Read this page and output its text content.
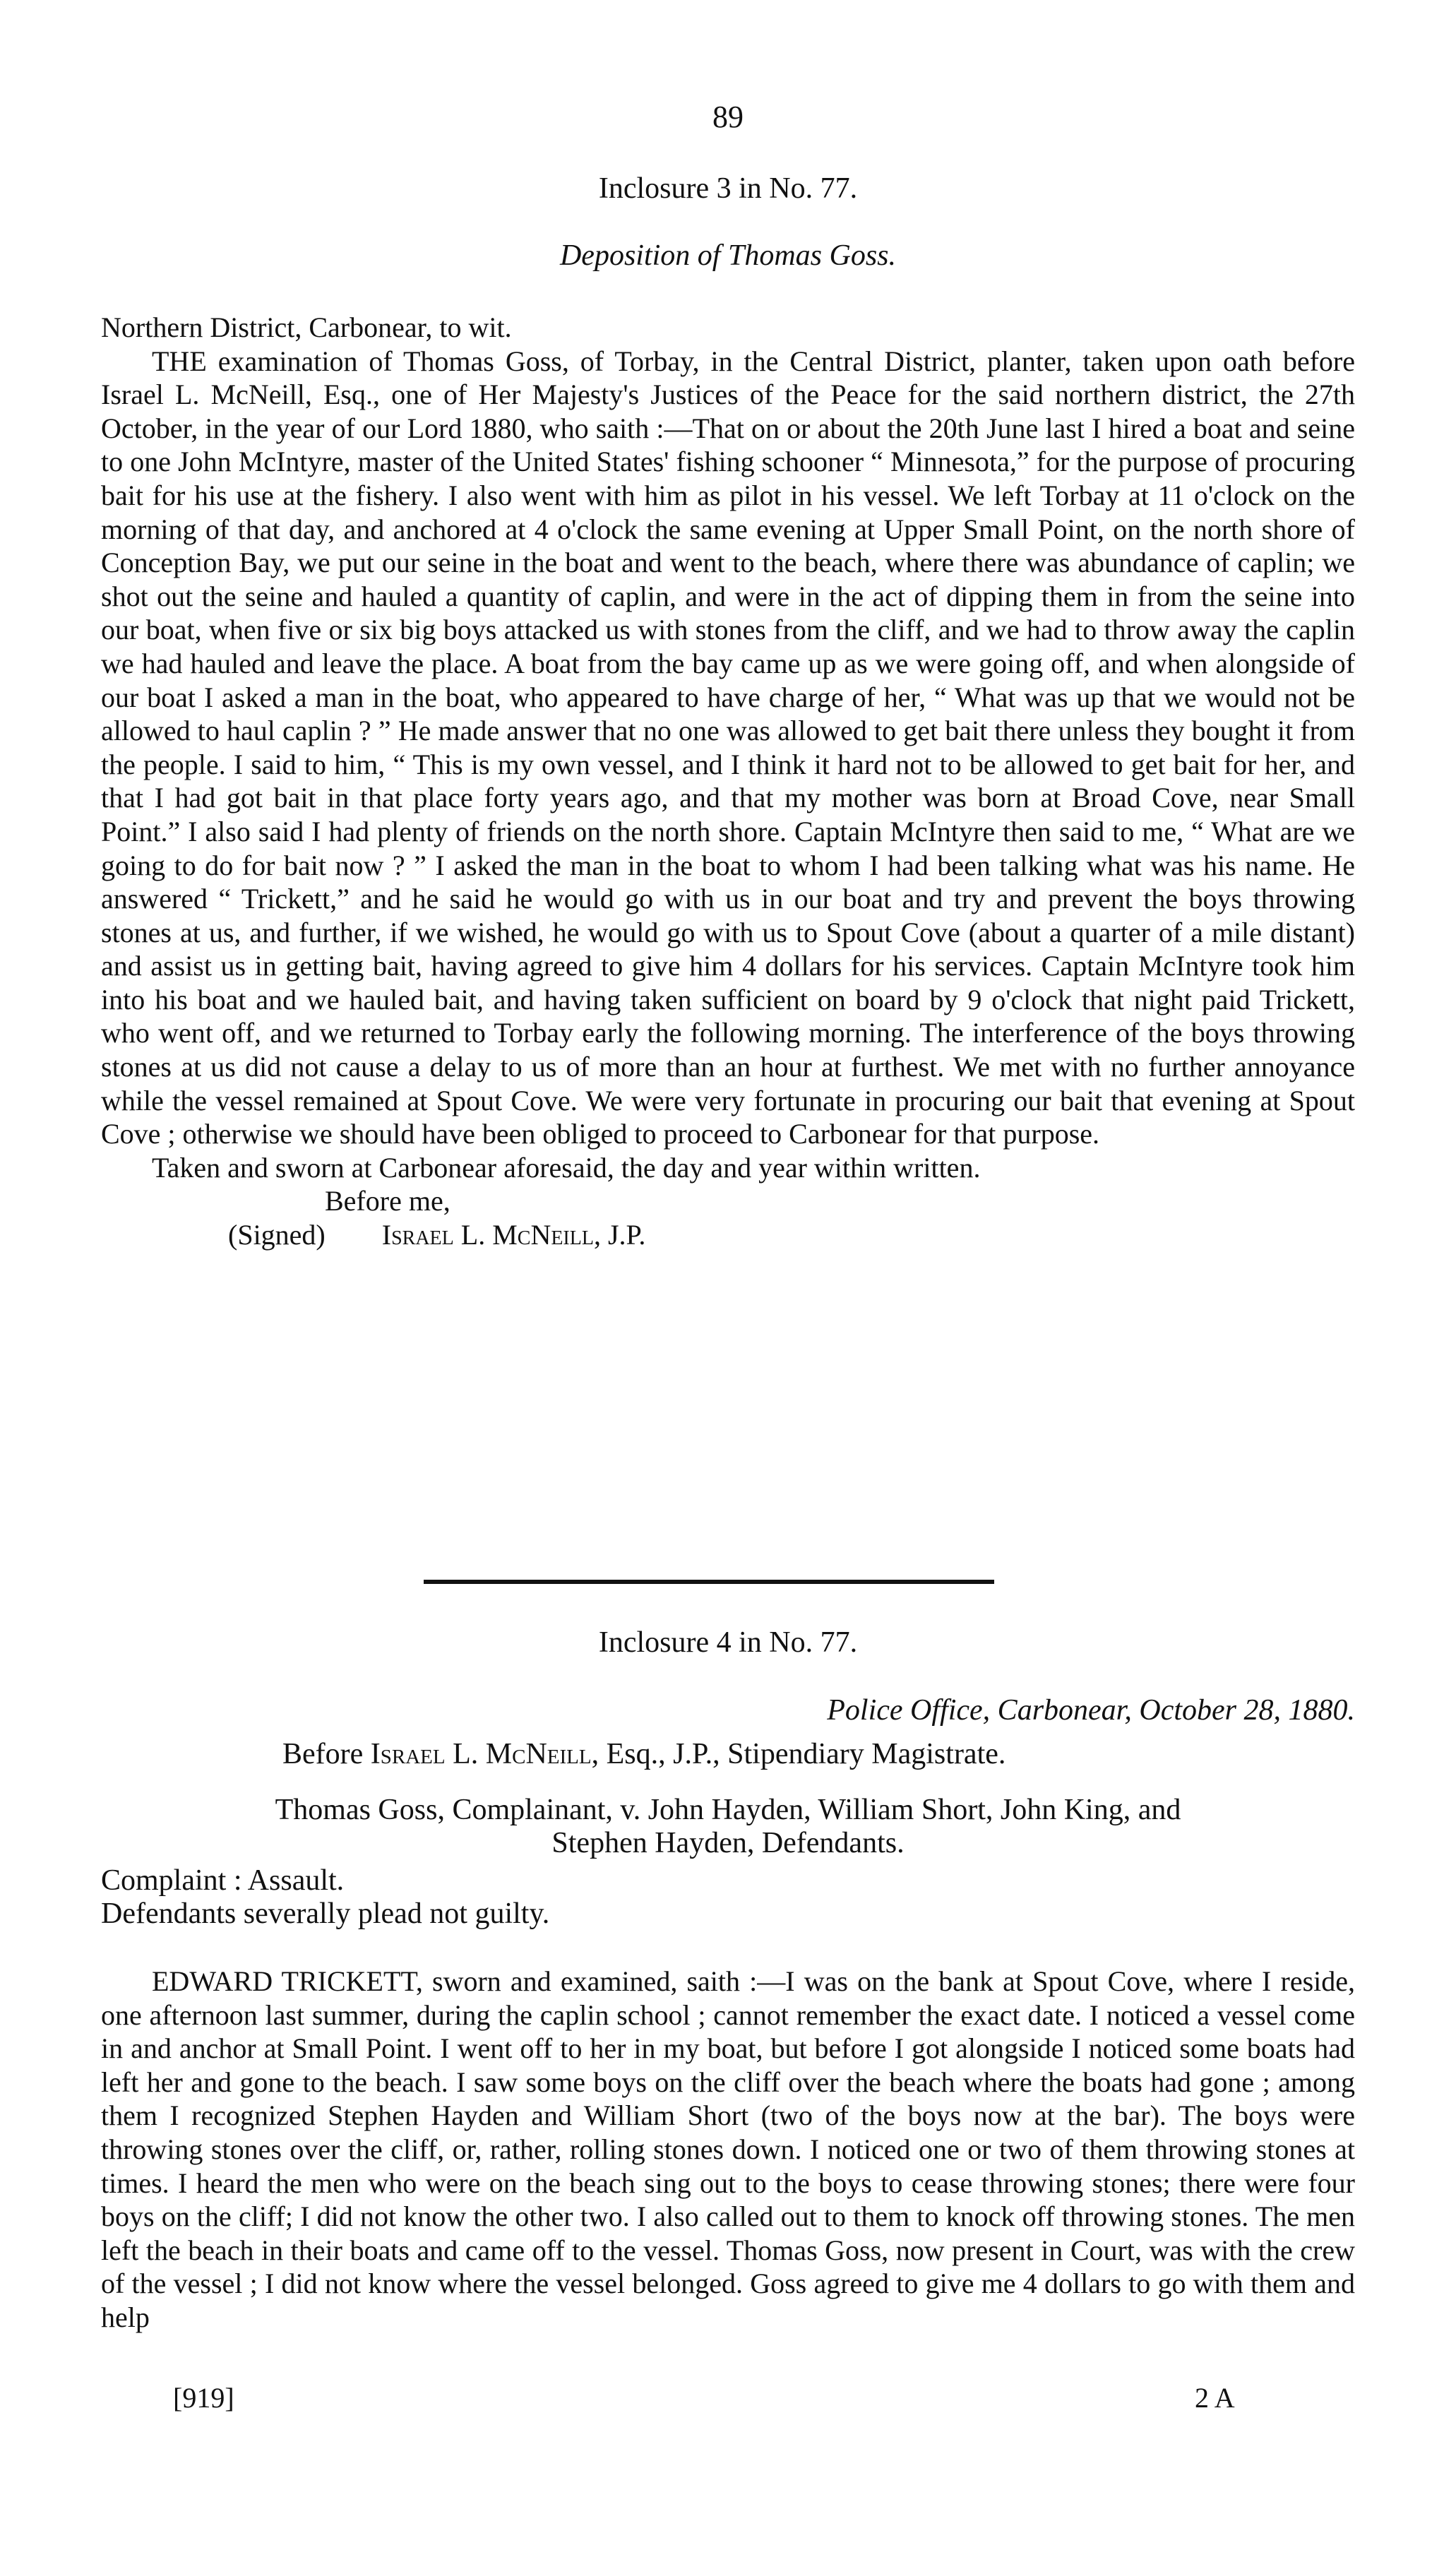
89
Inclosure 3 in No. 77.
Deposition of Thomas Goss.
Northern District, Carbonear, to wit.

THE examination of Thomas Goss, of Torbay, in the Central District, planter, taken upon oath before Israel L. McNeill, Esq., one of Her Majesty's Justices of the Peace for the said northern district, the 27th October, in the year of our Lord 1880, who saith :—That on or about the 20th June last I hired a boat and seine to one John McIntyre, master of the United States' fishing schooner “ Minnesota,” for the purpose of procuring bait for his use at the fishery. I also went with him as pilot in his vessel. We left Torbay at 11 o'clock on the morning of that day, and anchored at 4 o'clock the same evening at Upper Small Point, on the north shore of Conception Bay, we put our seine in the boat and went to the beach, where there was abundance of caplin; we shot out the seine and hauled a quantity of caplin, and were in the act of dipping them in from the seine into our boat, when five or six big boys attacked us with stones from the cliff, and we had to throw away the caplin we had hauled and leave the place. A boat from the bay came up as we were going off, and when alongside of our boat I asked a man in the boat, who appeared to have charge of her, “ What was up that we would not be allowed to haul caplin ? ” He made answer that no one was allowed to get bait there unless they bought it from the people. I said to him, “ This is my own vessel, and I think it hard not to be allowed to get bait for her, and that I had got bait in that place forty years ago, and that my mother was born at Broad Cove, near Small Point.” I also said I had plenty of friends on the north shore. Captain McIntyre then said to me, “ What are we going to do for bait now ? ” I asked the man in the boat to whom I had been talking what was his name. He answered “ Trickett,” and he said he would go with us in our boat and try and prevent the boys throwing stones at us, and further, if we wished, he would go with us to Spout Cove (about a quarter of a mile distant) and assist us in getting bait, having agreed to give him 4 dollars for his services. Captain McIntyre took him into his boat and we hauled bait, and having taken sufficient on board by 9 o'clock that night paid Trickett, who went off, and we returned to Torbay early the following morning. The interference of the boys throwing stones at us did not cause a delay to us of more than an hour at furthest. We met with no further annoyance while the vessel remained at Spout Cove. We were very fortunate in procuring our bait that evening at Spout Cove ; otherwise we should have been obliged to proceed to Carbonear for that purpose.

Taken and sworn at Carbonear aforesaid, the day and year within written.

Before me,
(Signed) Israel L. McNeill, J.P.
Inclosure 4 in No. 77.
Police Office, Carbonear, October 28, 1880.
Before Israel L. McNeill, Esq., J.P., Stipendiary Magistrate.
Thomas Goss, Complainant, v. John Hayden, William Short, John King, and
Stephen Hayden, Defendants.
Complaint : Assault.
Defendants severally plead not guilty.

EDWARD TRICKETT, sworn and examined, saith :—I was on the bank at Spout Cove, where I reside, one afternoon last summer, during the caplin school ; cannot remember the exact date. I noticed a vessel come in and anchor at Small Point. I went off to her in my boat, but before I got alongside I noticed some boats had left her and gone to the beach. I saw some boys on the cliff over the beach where the boats had gone ; among them I recognized Stephen Hayden and William Short (two of the boys now at the bar). The boys were throwing stones over the cliff, or, rather, rolling stones down. I noticed one or two of them throwing stones at times. I heard the men who were on the beach sing out to the boys to cease throwing stones; there were four boys on the cliff; I did not know the other two. I also called out to them to knock off throwing stones. The men left the beach in their boats and came off to the vessel. Thomas Goss, now present in Court, was with the crew of the vessel ; I did not know where the vessel belonged. Goss agreed to give me 4 dollars to go with them and help

[919]	2 A
